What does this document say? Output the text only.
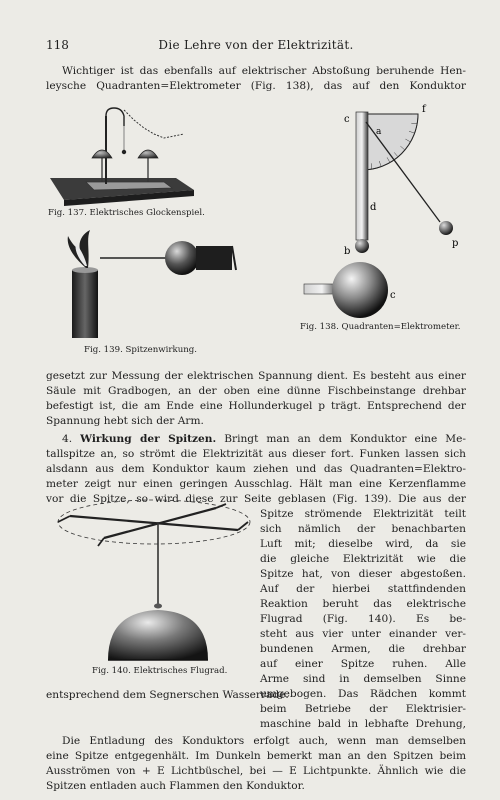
118	Die Lehre von der Elektrizität.
Wichtiger ist das ebenfalls auf elektrischer Abstoßung beruhende Hen-
leysche Quadranten=Elektrometer (Fig. 138), das auf den Konduktor
Fig. 137. Elektrisches Glockenspiel.
c
a
f
d
b
p
c
Fig. 138. Quadranten=Elektrometer.
Fig. 139. Spitzenwirkung.
gesetzt zur Messung der elektrischen Spannung dient. Es besteht aus einer
Säule mit Gradbogen, an der oben eine dünne Fischbeinstange drehbar
befestigt ist, die am Ende eine Hollunderkugel p trägt. Entsprechend der
Spannung hebt sich der Arm.
4. Wirkung der Spitzen. Bringt man an dem Konduktor eine Me-
tallspitze an, so strömt die Elektrizität aus dieser fort. Funken lassen sich
alsdann aus dem Konduktor kaum ziehen und das Quadranten=Elektro-
meter zeigt nur einen geringen Ausschlag. Hält man eine Kerzenflamme
vor die Spitze, so wird diese zur Seite geblasen (Fig. 139). Die aus der
Fig. 140. Elektrisches Flugrad.
Spitze strömende Elektrizität teilt
sich nämlich der benachbarten
Luft mit; dieselbe wird, da sie
die gleiche Elektrizität wie die
Spitze hat, von dieser abgestoßen.
Auf der hierbei stattfindenden
Reaktion beruht das elektrische
Flugrad (Fig. 140). Es be-
steht aus vier unter einander ver-
bundenen Armen, die drehbar
auf einer Spitze ruhen. Alle
Arme sind in demselben Sinne
umgebogen. Das Rädchen kommt
beim Betriebe der Elektrisier-
maschine bald in lebhafte Drehung,
entsprechend dem Segnerschen Wasserrade.
Die Entladung des Konduktors erfolgt auch, wenn man demselben
eine Spitze entgegenhält. Im Dunkeln bemerkt man an den Spitzen beim
Ausströmen von + E Lichtbüschel, bei — E Lichtpunkte. Ähnlich wie die
Spitzen entladen auch Flammen den Konduktor.
